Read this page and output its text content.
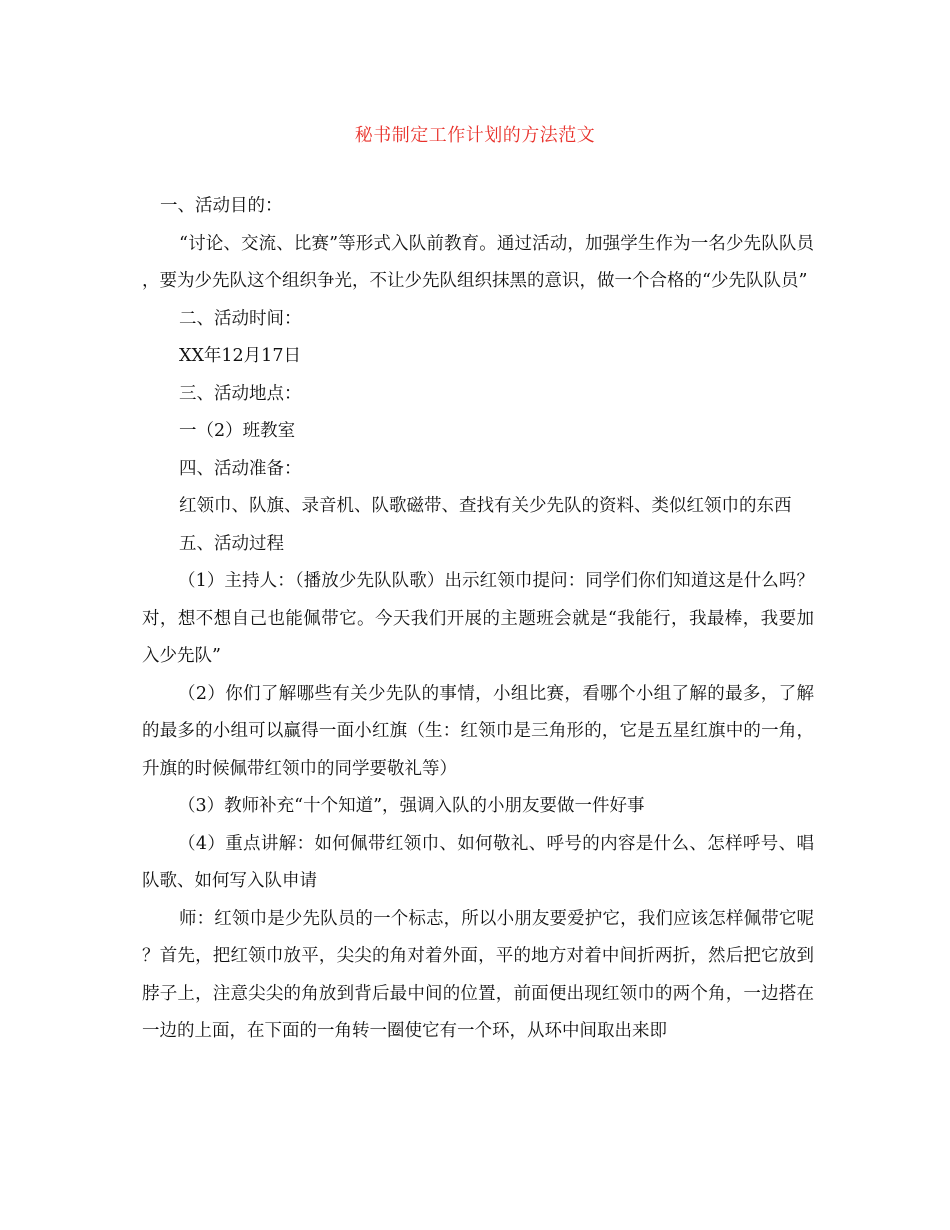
秘书制定工作计划的方法范文

一、活动目的：

“讨论、交流、比赛”等形式入队前教育。通过活动，加强学生作为一名少先队队员，要为少先队这个组织争光，不让少先队组织抹黑的意识，做一个合格的“少先队队员”

二、活动时间：

XX年12月17日

三、活动地点：

一（2）班教室

四、活动准备：

红领巾、队旗、录音机、队歌磁带、查找有关少先队的资料、类似红领巾的东西

五、活动过程

（1）主持人：（播放少先队队歌）出示红领巾提问：同学们你们知道这是什么吗？对，想不想自己也能佩带它。今天我们开展的主题班会就是“我能行，我最棒，我要加入少先队”

（2）你们了解哪些有关少先队的事情，小组比赛，看哪个小组了解的最多，了解的最多的小组可以赢得一面小红旗（生：红领巾是三角形的，它是五星红旗中的一角，升旗的时候佩带红领巾的同学要敬礼等）

（3）教师补充“十个知道”，强调入队的小朋友要做一件好事

（4）重点讲解：如何佩带红领巾、如何敬礼、呼号的内容是什么、怎样呼号、唱队歌、如何写入队申请

师：红领巾是少先队员的一个标志，所以小朋友要爱护它，我们应该怎样佩带它呢？首先，把红领巾放平，尖尖的角对着外面，平的地方对着中间折两折，然后把它放到脖子上，注意尖尖的角放到背后最中间的位置，前面便出现红领巾的两个角，一边搭在一边的上面，在下面的一角转一圈使它有一个环，从环中间取出来即
